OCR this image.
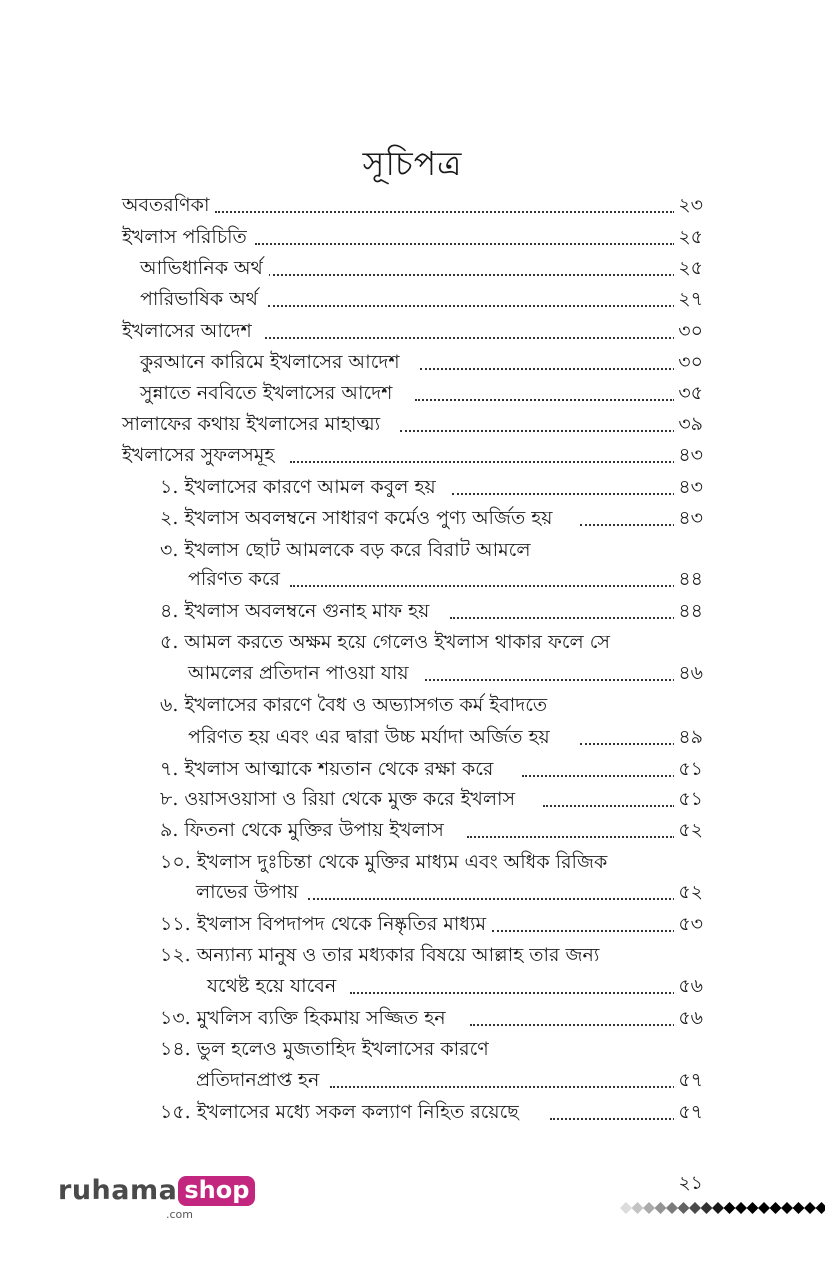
সূচিপত্র
অবতরণিকা	২৩
ইখলাস পরিচিতি	২৫
আভিধানিক অর্থ	২৫
পারিভাষিক অর্থ	২৭
ইখলাসের আদেশ	৩০
কুরআনে কারিমে ইখলাসের আদেশ	৩০
সুন্নাতে নববিতে ইখলাসের আদেশ	৩৫
সালাফের কথায় ইখলাসের মাহাত্ম্য	৩৯
ইখলাসের সুফলসমূহ	৪৩
১. ইখলাসের কারণে আমল কবুল হয়	৪৩
২. ইখলাস অবলম্বনে সাধারণ কর্মেও পুণ্য অর্জিত হয়	৪৩
৩. ইখলাস ছোট আমলকে বড় করে বিরাট আমলে
পরিণত করে	৪৪
৪. ইখলাস অবলম্বনে গুনাহ মাফ হয়	৪৪
৫. আমল করতে অক্ষম হয়ে গেলেও ইখলাস থাকার ফলে সে
আমলের প্রতিদান পাওয়া যায়	৪৬
৬. ইখলাসের কারণে বৈধ ও অভ্যাসগত কর্ম ইবাদতে
পরিণত হয় এবং এর দ্বারা উচ্চ মর্যাদা অর্জিত হয়	৪৯
৭. ইখলাস আত্মাকে শয়তান থেকে রক্ষা করে	৫১
৮. ওয়াসওয়াসা ও রিয়া থেকে মুক্ত করে ইখলাস	৫১
৯. ফিতনা থেকে মুক্তির উপায় ইখলাস	৫২
১০. ইখলাস দুঃচিন্তা থেকে মুক্তির মাধ্যম এবং অধিক রিজিক
লাভের উপায়	৫২
১১. ইখলাস বিপদাপদ থেকে নিষ্কৃতির মাধ্যম	৫৩
১২. অন্যান্য মানুষ ও তার মধ্যকার বিষয়ে আল্লাহ তার জন্য
যথেষ্ট হয়ে যাবেন	৫৬
১৩. মুখলিস ব্যক্তি হিকমায় সজ্জিত হন	৫৬
১৪. ভুল হলেও মুজতাহিদ ইখলাসের কারণে
প্রতিদানপ্রাপ্ত হন	৫৭
১৫. ইখলাসের মধ্যে সকল কল্যাণ নিহিত রয়েছে	৫৭
২১
ruhama shop
.com
